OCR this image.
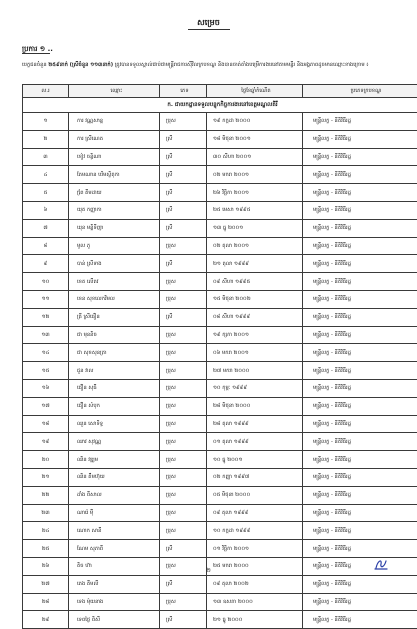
សម្រេច
ប្រការ ១ ..
បេក្ខជនចំនួន ២៥៩នាក់ (ស្រីចំនួន ១១៣នាក់) ត្រូវបានទទួលស្គាល់ជាប់ជាមន្ត្រីរាជការស៊ីវិលក្របខណ្ឌ​ និងបានចាត់តាំងបម្រើការងារនៅតាមមន្ទីរ និងអង្គភាពដូចមានឈ្មោះខាងក្រោម ៖
ល.រ	ឈ្មោះ	ភេទ	ថ្ងៃខែឆ្នាំកំណើត	ប្រភេទក្របខណ្ឌ
ក.​ ជាយកដ្ឋានទទួលបន្ទុកកិច្ចការងារនៅខេត្តមណ្ឌលគិរី				
១	ការ​ វណ្ណសាន្ត	ប្រុស	១៩ កក្កដា ២០០០	មន្ត្រីលក្ខ - នីតិវិធីរដ្ឋ
២	ការ​ ស្រីណេត	ស្រី	១៨ មិថុនា ២០០១	មន្ត្រីលក្ខ - នីតិវិធីរដ្ឋ
៣	ខៀវ​ ចន្ធិណា	ស្រី	៣០ សីហា ២០០១	មន្ត្រីលក្ខ - នីតិវិធីរដ្ឋ
៤	តែមណាន​ បរិមស្ថិតុកា	ស្រី	០២ មករា ២០០១	មន្ត្រីលក្ខ - នីតិវិធីរដ្ឋ
៥	ពែ្រ​ គីមដាយ	ស្រី	២៦ វិច្ឆិកា ២០០១	មន្ត្រីលក្ខ - នីតិវិធីរដ្ឋ
៦	យុត​ កញ្ញាកា	ស្រី	២៥ មេសា ១៩៩៥	មន្ត្រីលក្ខ - នីតិវិធីរដ្ឋ
៧	ឃុន​ មន្តិទីញា	ស្រី	១៣ ធ្នូ ២០០១	មន្ត្រីលក្ខ - នីតិវិធីរដ្ឋ
៨	មូល​ ភូ	ប្រុស	០២ តុលា ២០០១	មន្ត្រីលក្ខ - នីតិវិធីរដ្ឋ
៩	បាន់​ ស្រីទាង	ស្រី	២១ តុលា ១៩៩៩	មន្ត្រីលក្ខ - នីតិវិធីរដ្ឋ
១០	ខេត​ លើតវ	ប្រុស	០៩ សីហា ១៩៩៥	មន្ត្រីលក្ខ - នីតិវិធីរដ្ឋ
១១	ខេន​ សុខលេកវិមល	ប្រុស	១៥ មិថុនា ២០០២	មន្ត្រីលក្ខ - នីតិវិធីរដ្ឋ
១២	គ្រី​ ស្រីធឿន	ស្រី	០៨ សីហា ១៩៩៩	មន្ត្រីលក្ខ - នីតិវិធីរដ្ឋ
១៣	ជា​ មុននិច	ប្រុស	១៩ ក្សកា ២០០១	មន្ត្រីលក្ខ - នីតិវិធីរដ្ឋ
១៤	ជា​ សុខសុនត្រា	ប្រុស	០៦ មករា ២០០១	មន្ត្រីលក្ខ - នីតិវិធីរដ្ឋ
១៥	ជួន​ វាល	ប្រុស	២៧ មករា ២០០០	មន្ត្រីលក្ខ - នីតិវិធីរដ្ឋ
១៦	ជឿន​ សុធី	ប្រុស	១០ កុម្ភៈ ១៩៩៩	មន្ត្រីលក្ខ - នីតិវិធីរដ្ឋ
១៧	ជឿន​ សំបុក	ប្រុស	២៨ មិថុនា ២០០០	មន្ត្រីលក្ខ - នីតិវិធីរដ្ឋ
១៨	ឈួន​ សោទិទ្ធ	ប្រុស	២៨ តុលា ១៩៩៩	មន្ត្រីលក្ខ - នីតិវិធីរដ្ឋ
១៩	ឈាវ​ សុវណ្ណ	ប្រុស	០១ តុលា ១៩៩៩	មន្ត្រីលក្ខ - នីតិវិធីរដ្ឋ
២០	ឈិន​ វឌ្ឍម	ប្រុស	១០ ធ្នូ ២០០១	មន្ត្រីលក្ខ - នីតិវិធីរដ្ឋ
២១	ឈិន​ គឹមហ៊ុយ	ប្រុស	០២ កញ្ញា ១៩៩៧	មន្ត្រីលក្ខ - នីតិវិធីរដ្ឋ
២២	ដាំង​ ពីសាល	ប្រុស	០៥ មិថុនា ២០០០	មន្ត្រីលក្ខ - នីតិវិធីរដ្ឋ
២៣	ណារ៉េ​ ម៉ឺ	ប្រុស	០៩ តុលា ១៩៩៩	មន្ត្រីលក្ខ - នីតិវិធីរដ្ឋ
២៤	ណោក​ សានី	ប្រុស	១០ កក្កដា ១៩៩៩	មន្ត្រីលក្ខ - នីតិវិធីរដ្ឋ
២៥	ណែម​ សុភាពី	ស្រី	០១ វិច្ឆិកា ២០០១	មន្ត្រីលក្ខ - នីតិវិធីរដ្ឋ
២៦	តិច​ ហ៊ា	ប្រុស	២៥ មករា ២០០០	មន្ត្រីលក្ខ - នីតិវិធីរដ្ឋ
២៧	តេង​ គីមលី	ស្រី	០៩ តុលា ២០០២	មន្ត្រីលក្ខ - នីតិវិធីរដ្ឋ
២៨	ទេង​ ម៉ុយនាង	ប្រុស	១៣ ឧសភា ២០០០	មន្ត្រីលក្ខ - នីតិវិធីរដ្ឋ
២៩	ទេពថ្ងៃ​ ពិសី	ស្រី	២១ ធ្នូ ២០០០	មន្ត្រីលក្ខ - នីតិវិធីរដ្ឋ
២
